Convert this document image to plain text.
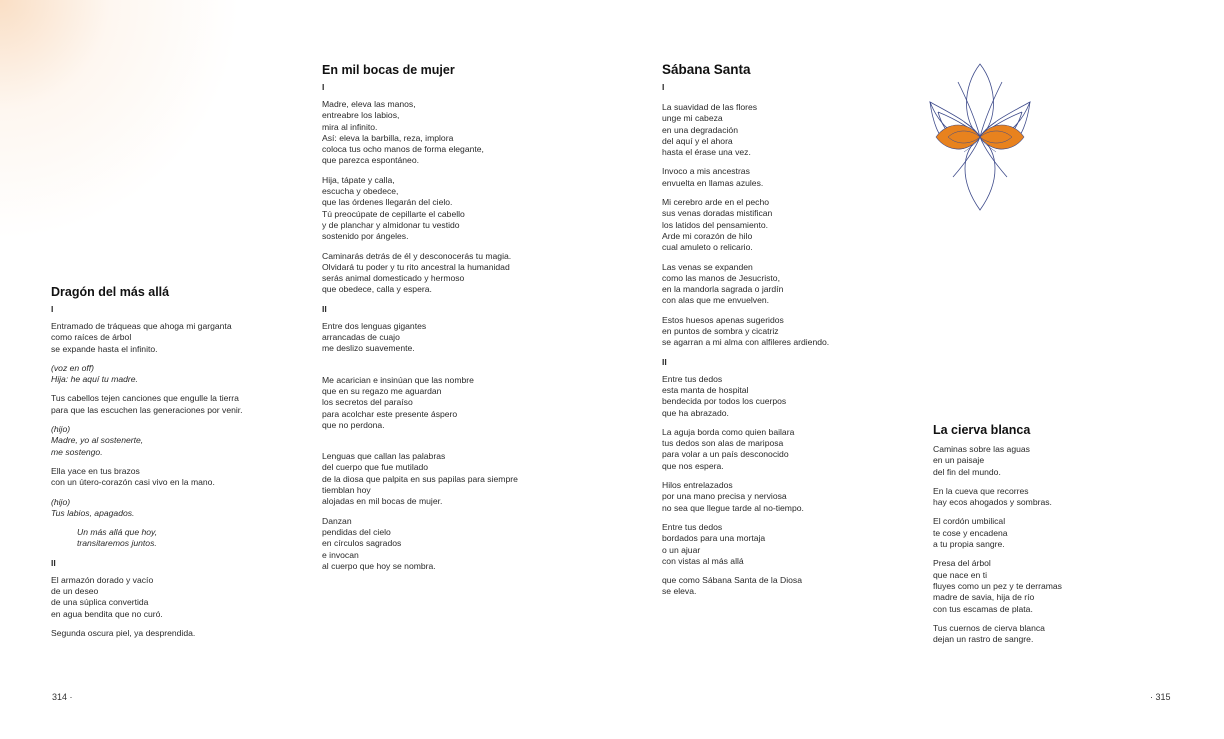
Dragón del más allá
I

Entramado de tráqueas que ahoga mi garganta
como raíces de árbol
se expande hasta el infinito.

(voz en off)
Hija: he aquí tu madre.

Tus cabellos tejen canciones que engulle la tierra
para que las escuchen las generaciones por venir.

(hijo)
Madre, yo al sostenerte,
me sostengo.

Ella yace en tus brazos
con un útero-corazón casi vivo en la mano.

(hijo)
Tus labios, apagados.

Un más allá que hoy,
transitaremos juntos.

II

El armazón dorado y vacío
de un deseo
de una súplica convertida
en agua bendita que no curó.

Segunda oscura piel, ya desprendida.

En mil bocas de mujer
I

Madre, eleva las manos,
entreabre los labios,
mira al infinito.
Así: eleva la barbilla, reza, implora
coloca tus ocho manos de forma elegante,
que parezca espontáneo.

Hija, tápate y calla,
escucha y obedece,
que las órdenes llegarán del cielo.
Tú preocúpate de cepillarte el cabello
y de planchar y almidonar tu vestido
sostenido por ángeles.

Caminarás detrás de él y desconocerás tu magia.
Olvidará tu poder y tu rito ancestral la humanidad
serás animal domesticado y hermoso
que obedece, calla y espera.

II

Entre dos lenguas gigantes
arrancadas de cuajo
me deslizo suavemente.

Me acarician e insinúan que las nombre
que en su regazo me aguardan
los secretos del paraíso
para acolchar este presente áspero
que no perdona.

Lenguas que callan las palabras
del cuerpo que fue mutilado
de la diosa que palpita en sus papilas para siempre
tiemblan hoy
alojadas en mil bocas de mujer.

Danzan
pendidas del cielo
en círculos sagrados
e invocan
al cuerpo que hoy se nombra.

Sábana Santa
I

La suavidad de las flores
unge mi cabeza
en una degradación
del aquí y el ahora
hasta el érase una vez.

Invoco a mis ancestras
envuelta en llamas azules.

Mi cerebro arde en el pecho
sus venas doradas mistifican
los latidos del pensamiento.
Arde mi corazón de hilo
cual amuleto o relicario.

Las venas se expanden
como las manos de Jesucristo,
en la mandorla sagrada o jardín
con alas que me envuelven.

Estos huesos apenas sugeridos
en puntos de sombra y cicatriz
se agarran a mi alma con alfileres ardiendo.

II

Entre tus dedos
esta manta de hospital
bendecida por todos los cuerpos
que ha abrazado.

La aguja borda como quien bailara
tus dedos son alas de mariposa
para volar a un país desconocido
que nos espera.

Hilos entrelazados
por una mano precisa y nerviosa
no sea que llegue tarde al no-tiempo.

Entre tus dedos
bordados para una mortaja
o un ajuar
con vistas al más allá

que como Sábana Santa de la Diosa
se eleva.

La cierva blanca

Caminas sobre las aguas
en un paisaje
del fin del mundo.

En la cueva que recorres
hay ecos ahogados y sombras.

El cordón umbilical
te cose y encadena
a tu propia sangre.

Presa del árbol
que nace en ti
fluyes como un pez y te derramas
madre de savia, hija de río
con tus escamas de plata.

Tus cuernos de cierva blanca
dejan un rastro de sangre.

314 ·	· 315
